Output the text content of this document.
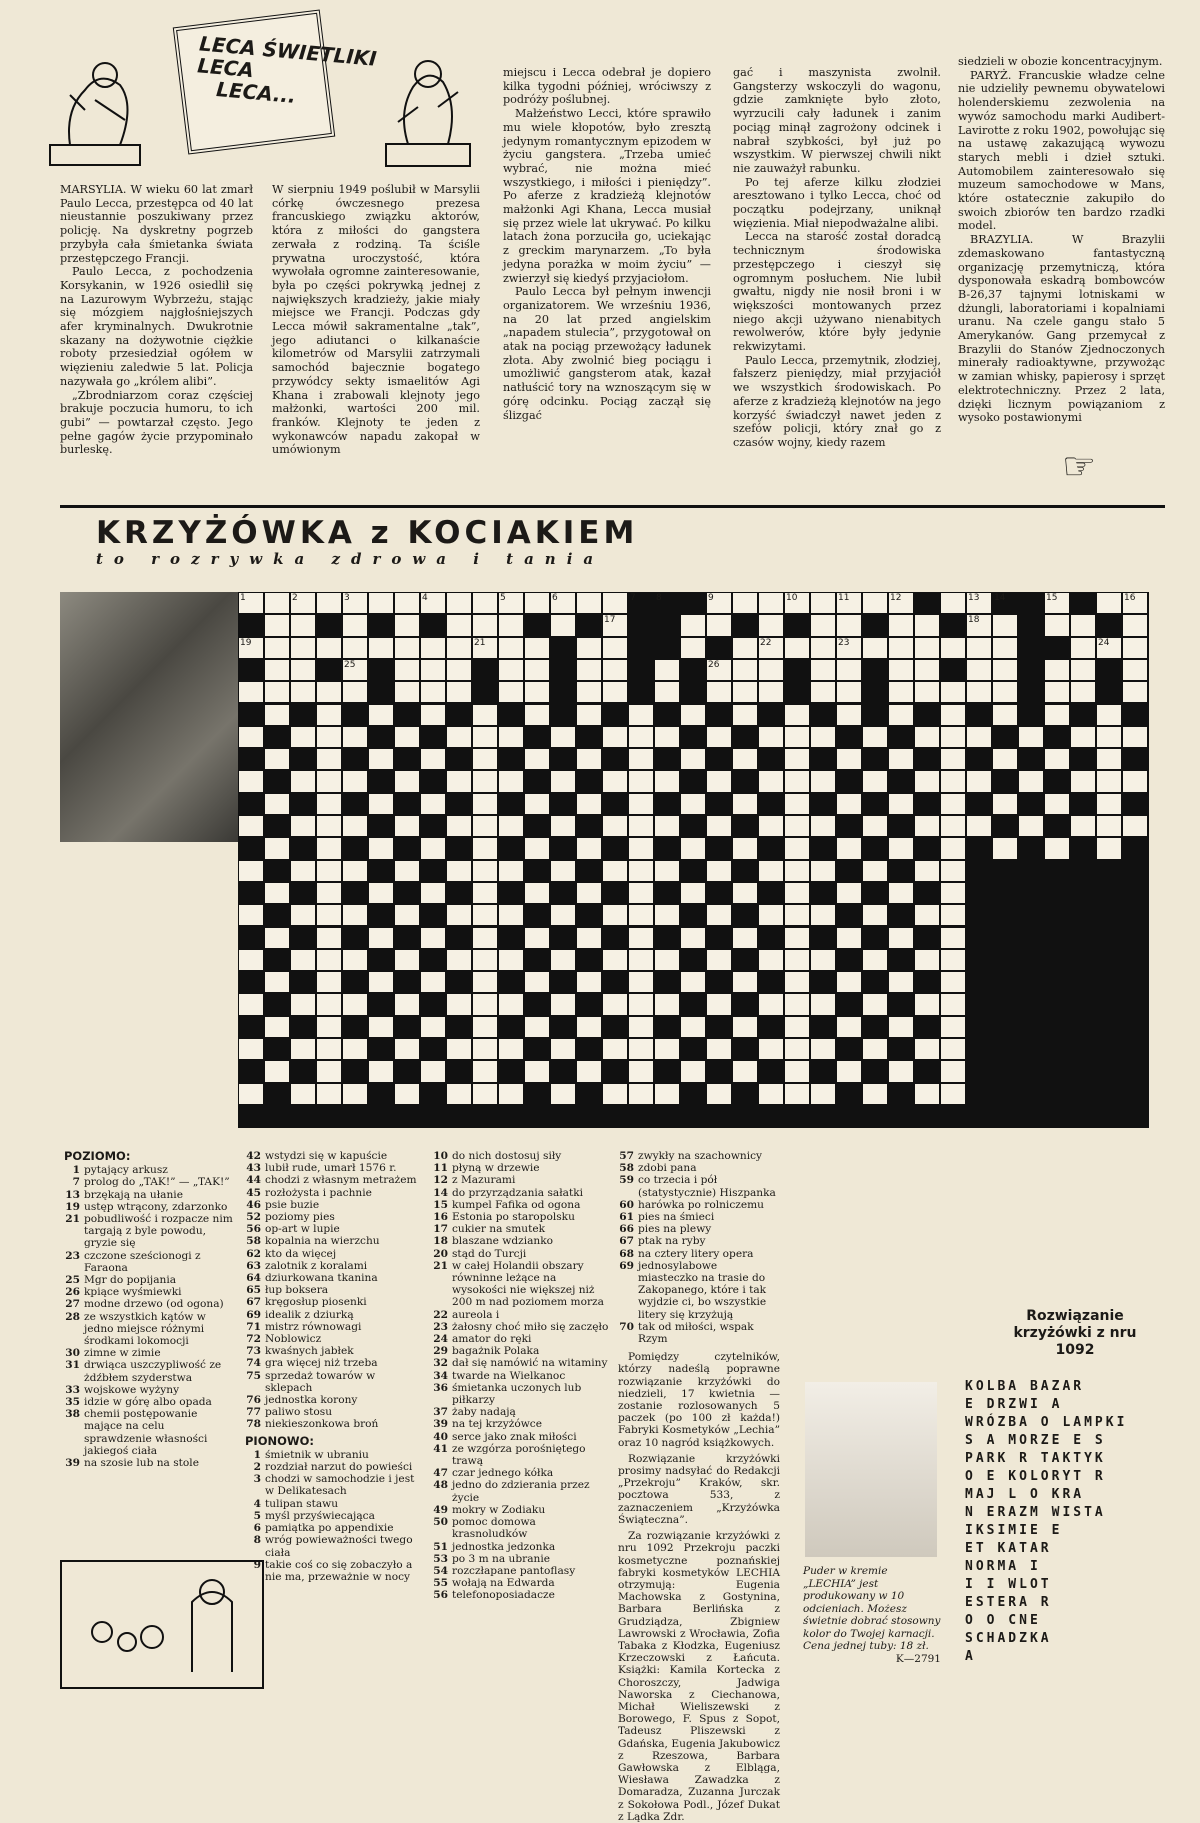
LECA ŚWIETLIKI
LECA
LECA...

MARSYLIA. W wieku 60 lat zmarł Paulo Lecca, przestępca od 40 lat nieustannie poszukiwany przez policję. Na dyskretny pogrzeb przybyła cała śmietanka świata przestępczego Francji.

Paulo Lecca, z pochodzenia Korsykanin, w 1926 osiedlił się na Lazurowym Wybrzeżu, stając się mózgiem najgłośniejszych afer kryminalnych. Dwukrotnie skazany na dożywotnie ciężkie roboty przesiedział ogółem w więzieniu zaledwie 5 lat. Policja nazywała go „królem alibi”.

„Zbrodniarzom coraz częściej brakuje poczucia humoru, to ich gubi” — powtarzał często. Jego pełne gagów życie przypominało burleskę.

W sierpniu 1949 poślubił w Marsylii córkę ówczesnego prezesa francuskiego związku aktorów, która z miłości do gangstera zerwała z rodziną. Ta ściśle prywatna uroczystość, która wywołała ogromne zainteresowanie, była po części pokrywką jednej z największych kradzieży, jakie miały miejsce we Francji. Podczas gdy Lecca mówił sakramentalne „tak”, jego adiutanci o kilkanaście kilometrów od Marsylii zatrzymali samochód bajecznie bogatego przywódcy sekty ismaelitów Agi Khana i zrabowali klejnoty jego małżonki, wartości 200 mil. franków. Klejnoty te jeden z wykonawców napadu zakopał w umówionym

miejscu i Lecca odebrał je dopiero kilka tygodni później, wróciwszy z podróży poślubnej.

Małżeństwo Lecci, które sprawiło mu wiele kłopotów, było zresztą jedynym romantycznym epizodem w życiu gangstera. „Trzeba umieć wybrać, nie można mieć wszystkiego, i miłości i pieniędzy”. Po aferze z kradzieżą klejnotów małżonki Agi Khana, Lecca musiał się przez wiele lat ukrywać. Po kilku latach żona porzuciła go, uciekając z greckim marynarzem. „To była jedyna porażka w moim życiu” — zwierzył się kiedyś przyjaciołom.

Paulo Lecca był pełnym inwencji organizatorem. We wrześniu 1936, na 20 lat przed angielskim „napadem stulecia”, przygotował on atak na pociąg przewożący ładunek złota. Aby zwolnić bieg pociągu i umożliwić gangsterom atak, kazał natłuścić tory na wznoszącym się w górę odcinku. Pociąg zaczął się ślizgać

gać i maszynista zwolnił. Gangsterzy wskoczyli do wagonu, gdzie zamknięte było złoto, wyrzucili cały ładunek i zanim pociąg minął zagrożony odcinek i nabrał szybkości, był już po wszystkim. W pierwszej chwili nikt nie zauważył rabunku.

Po tej aferze kilku złodziei aresztowano i tylko Lecca, choć od początku podejrzany, uniknął więzienia. Miał niepodważalne alibi.

Lecca na starość został doradcą technicznym środowiska przestępczego i cieszył się ogromnym posłuchem. Nie lubił gwałtu, nigdy nie nosił broni i w większości montowanych przez niego akcji używano nienabitych rewolwerów, które były jedynie rekwizytami.

Paulo Lecca, przemytnik, złodziej, fałszerz pieniędzy, miał przyjaciół we wszystkich środowiskach. Po aferze z kradzieżą klejnotów na jego korzyść świadczył nawet jeden z szefów policji, który znał go z czasów wojny, kiedy razem

siedzieli w obozie koncentracyjnym.

PARYŻ. Francuskie władze celne nie udzieliły pewnemu obywatelowi holenderskiemu zezwolenia na wywóz samochodu marki Audibert-Lavirotte z roku 1902, powołując się na ustawę zakazującą wywozu starych mebli i dzieł sztuki. Automobilem zainteresowało się muzeum samochodowe w Mans, które ostatecznie zakupiło do swoich zbiorów ten bardzo rzadki model.

BRAZYLIA. W Brazylii zdemaskowano fantastyczną organizację przemytniczą, która dysponowała eskadrą bombowców B-26,37 tajnymi lotniskami w dżungli, laboratoriami i kopalniami uranu. Na czele gangu stało 5 Amerykanów. Gang przemycał z Brazylii do Stanów Zjednoczonych minerały radioaktywne, przywożąc w zamian whisky, papierosy i sprzęt elektrotechniczny. Przez 2 lata, dzięki licznym powiązaniom z wysoko postawionymi

☞
KRZYŻÓWKA z KOCIAKIEM
to rozrywka zdrowa i tania
1	2	3	4	5	6	7 8	9	10	11	12	13 14	15	16
17	18
19	21	22	23	24
25	26
POZIOMO:
1 pytający arkusz
7 prolog do „TAK!” — „TAK!”
13 brzękają na ułanie
19 ustęp wtrącony, zdarzonko
21 pobudliwość i rozpacze nim targają z byle powodu, gryzie się
23 czczone sześcionogi z Faraona
25 Mgr do popijania
26 kpiące wyśmiewki
27 modne drzewo (od ogona)
28 ze wszystkich kątów w jedno miejsce różnymi środkami lokomocji
30 zimne w zimie
31 drwiąca uszczypliwość ze żdźbłem szyderstwa
33 wojskowe wyżyny
35 idzie w górę albo opada
38 chemii postępowanie mające na celu sprawdzenie własności jakiegoś ciała
39 na szosie lub na stole
42 wstydzi się w kapuście
43 lubił rude, umarł 1576 r.
44 chodzi z własnym metrażem
45 rozłożysta i pachnie
46 psie buzie
52 poziomy pies
56 op-art w lupie
58 kopalnia na wierzchu
62 kto da więcej
63 zalotnik z koralami
64 dziurkowana tkanina
65 łup boksera
67 kręgosłup piosenki
69 idealik z dziurką
71 mistrz równowagi
72 Noblowicz
73 kwaśnych jabłek
74 gra więcej niż trzeba
75 sprzedaż towarów w sklepach
76 jednostka korony
77 paliwo stosu
78 niekieszonkowa broń
PIONOWO:
1 śmietnik w ubraniu
2 rozdział narzut do powieści
3 chodzi w samochodzie i jest w Delikatesach
4 tulipan stawu
5 myśl przyświecająca
6 pamiątka po appendixie
8 wróg powieważności twego ciała
9 takie coś co się zobaczyło a nie ma, przeważnie w nocy
10 do nich dostosuj siły
11 płyną w drzewie
12 z Mazurami
14 do przyrządzania sałatki
15 kumpel Fafika od ogona
16 Estonia po staropolsku
17 cukier na smutek
18 blaszane wdzianko
20 stąd do Turcji
21 w całej Holandii obszary równinne leżące na wysokości nie większej niż 200 m nad poziomem morza
22 aureola i
23 żałosny choć miło się zaczęło
24 amator do ręki
29 bagażnik Polaka
32 dał się namówić na witaminy
34 twarde na Wielkanoc
36 śmietanka uczonych lub piłkarzy
37 żaby nadają
39 na tej krzyżówce
40 serce jako znak miłości
41 ze wzgórza porośniętego trawą
47 czar jednego kółka
48 jedno do zdzierania przez życie
49 mokry w Zodiaku
50 pomoc domowa krasnoludków
51 jednostka jedzonka
53 po 3 m na ubranie
54 rozczłapane pantoflasy
55 wołają na Edwarda
56 telefonoposiadacze
57 zwykły na szachownicy
58 zdobi pana
59 co trzecia i pół (statystycznie) Hiszpanka
60 harówka po rolniczemu
61 pies na śmieci
66 pies na plewy
67 ptak na ryby
68 na cztery litery opera
69 jednosylabowe miasteczko na trasie do Zakopanego, które i tak wyjdzie ci, bo wszystkie litery się krzyżują
70 tak od miłości, wspak Rzym

Pomiędzy czytelników, którzy nadeślą poprawne rozwiązanie krzyżówki do niedzieli, 17 kwietnia — zostanie rozlosowanych 5 paczek (po 100 zł każda!) Fabryki Kosmetyków „Lechia” oraz 10 nagród książkowych.

Rozwiązanie krzyżówki prosimy nadsyłać do Redakcji „Przekroju” Kraków, skr. pocztowa 533, z zaznaczeniem „Krzyżówka Świąteczna”.

Za rozwiązanie krzyżówki z nru 1092 Przekroju paczki kosmetyczne poznańskiej fabryki kosmetyków LECHIA otrzymują: Eugenia Machowska z Gostynina, Barbara Berlińska z Grudziądza, Zbigniew Lawrowski z Wrocławia, Zofia Tabaka z Kłodzka, Eugeniusz Krzeczowski z Łańcuta. Książki: Kamila Korteckа z Choroszczy, Jadwiga Naworska z Ciechanowa, Michał Wieliszewski z Borowego, F. Spus z Sopot, Tadeusz Pliszewski z Gdańska, Eugenia Jakubowicz z Rzeszowa, Barbara Gawłowska z Elbląga, Wiesława Zawadzka z Domaradza, Zuzanna Jurczak z Sokołowa Podl., Józef Dukat z Lądka Zdr.

Puder w kremie „LECHIA” jest produkowany w 10 odcieniach. Możesz świetnie dobrać stosowny kolor do Twojej karnacji. Cena jednej tuby: 18 zł.
K—2791
Rozwiązanie krzyżówki z nru 1092
KOLBA BAZAR
E DRZWI A
WRÓZBA O LAMPKI
S A MORZE E S
PARK R TAKTYK
O E KOLORYT R
MAJ L O KRA
N ERAZM WISTA
IKSIMIE E
ET KATAR
NORMA I
I I WLOT
ESTERA R
O O CNE
SCHADZKA
A
